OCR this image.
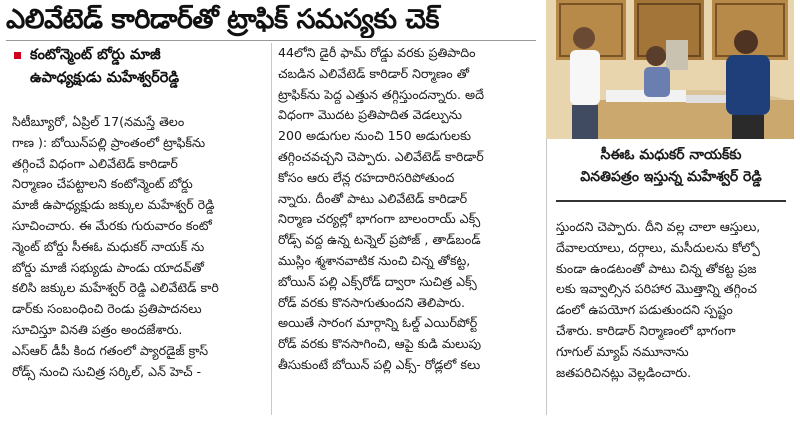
ఎలివేటెడ్ కారిడార్‌తో ట్రాఫిక్ సమస్యకు చెక్
కంటోన్మెంట్ బోర్డు మాజీ
ఉపాధ్యక్షుడు మహేశ్వర్‌రెడ్డి
సిటీబ్యూరో, ఏప్రిల్ 17(నమస్తే తెలం
గాణ ): బోయిన్‌పల్లి ప్రాంతంలో ట్రాఫిక్‌ను
తగ్గించే విధంగా ఎలివేటెడ్ కారిడార్
నిర్మాణం చేపట్టాలని కంటోన్మెంట్ బోర్డు
మాజీ ఉపాధ్యక్షుడు జక్కుల మహేశ్వర్ రెడ్డి
సూచించారు. ఈ మేరకు గురువారం కంటో
న్మెంట్ బోర్డు సీఈఓ మధుకర్ నాయక్ ను
బోర్డు మాజీ సభ్యుడు పాండు యాదవ్‌తో
కలిసి జక్కుల మహేశ్వర్ రెడ్డి ఎలివేటెడ్ కారి
డార్‌కు సంబంధించి రెండు ప్రతిపాదనలు
సూచిస్తూ వినతి పత్రం అందజేశారు.
ఎస్‌ఆర్ డీపీ కింద గతంలో ప్యారడైజ్ క్రాస్
రోడ్స్ నుంచి సుచిత్ర సర్కిల్, ఎన్ హెచ్ -
44లోని డైరీ ఫామ్ రోడ్డు వరకు ప్రతిపాదిం
చబడిన ఎలివేటెడ్ కారిడార్ నిర్మాణం తో
ట్రాఫిక్‌ను పెద్ద ఎత్తున తగ్గిస్తుందన్నారు. అదే
విధంగా మొదట ప్రతిపాదిత వెడల్పును
200 అడుగుల నుంచి 150 అడుగులకు
తగ్గించవచ్చని చెప్పారు. ఎలివేటెడ్ కారిడార్
కోసం ఆరు లేన్ల రహదారిసరిపోతుంద
న్నారు. దీంతో పాటు ఎలివేటెడ్ కారిడార్
నిర్మాణ చర్యల్లో భాగంగా బాలంరాయ్ ఎక్స్
రోడ్స్ వద్ద ఉన్న టన్నెల్ ప్రపోజ్ , తాడ్‌బండ్
ముస్లిం శ్మశానవాటిక నుంచి చిన్న తోకట్ట,
బోయిన్ పల్లి ఎక్స్‌రోడ్ ద్వారా సుచిత్ర ఎక్స్
రోడ్ వరకు కొనసాగుతుందని తెలిపారు.
అయితే సారంగ మార్గాన్ని ఓల్డ్ ఎయిర్‌పోర్ట్
రోడ్ వరకు కొనసాగించి, ఆపై కుడి మలుపు
తీసుకుంటే బోయిన్ పల్లి ఎక్స్- రోడ్లలో కలు
సీఈఓ మధుకర్ నాయక్‌కు
వినతిపత్రం ఇస్తున్న మహేశ్వర్ రెడ్డి
స్తుందని చెప్పారు. దీని వల్ల చాలా ఆస్తులు,
దేవాలయాలు, దర్గాలు, మసీదులను కోల్పో
కుండా ఉండటంతో పాటు చిన్న తోకట్ట ప్రజ
లకు ఇవ్వాల్సిన పరిహార మొత్తాన్ని తగ్గించ
డంలో ఉపయోగ పడుతుందని స్పష్టం
చేశారు. కారిడార్ నిర్మాణంలో భాగంగా
గూగుల్ మ్యాప్ నమూనాను
జతపరిచినట్లు వెల్లడించారు.
